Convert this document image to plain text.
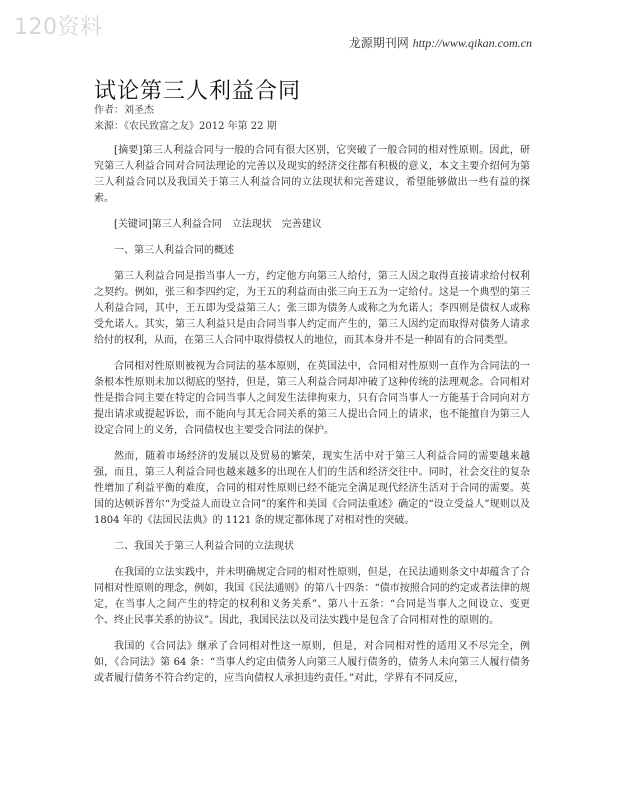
120资料
龙源期刊网 http://www.qikan.com.cn
试论第三人利益合同
作者：刘圣杰
来源：《农民致富之友》2012 年第 22 期

[摘要]第三人利益合同与一般的合同有很大区别，它突破了一般合同的相对性原则。因此，研究第三人利益合同对合同法理论的完善以及现实的经济交往都有积极的意义，本文主要介绍何为第三人利益合同以及我国关于第三人利益合同的立法现状和完善建议，希望能够做出一些有益的探索。

[关键词]第三人利益合同　立法现状　完善建议
一、第三人利益合同的概述

第三人利益合同是指当事人一方，约定他方向第三人给付，第三人因之取得直接请求给付权利之契约。例如，张三和李四约定，为王五的利益而由张三向王五为一定给付。这是一个典型的第三人利益合同，其中，王五即为受益第三人；张三即为债务人或称之为允诺人；李四则是债权人或称受允诺人。其实，第三人利益只是由合同当事人约定而产生的，第三人因约定而取得对债务人请求给付的权利，从而，在第三人合同中取得债权人的地位，而其本身并不是一种固有的合同类型。

合同相对性原则被视为合同法的基本原则，在英国法中，合同相对性原则一直作为合同法的一条根本性原则未加以彻底的坚持，但是，第三人利益合同却冲破了这种传统的法理观念。合同相对性是指合同主要在特定的合同当事人之间发生法律拘束力，只有合同当事人一方能基于合同向对方提出请求或提起诉讼，而不能向与其无合同关系的第三人提出合同上的请求，也不能擅自为第三人设定合同上的义务，合同债权也主要受合同法的保护。

然而，随着市场经济的发展以及贸易的繁荣，现实生活中对于第三人利益合同的需要越来越强，而且，第三人利益合同也越来越多的出现在人们的生活和经济交往中。同时，社会交往的复杂性增加了利益平衡的难度，合同的相对性原则已经不能完全满足现代经济生活对于合同的需要。英国的达顿诉普尔“为受益人而设立合同”的案件和美国《合同法重述》确定的“设立受益人”规则以及 1804 年的《法国民法典》的 1121 条的规定都体现了对相对性的突破。

二、我国关于第三人利益合同的立法现状

在我国的立法实践中，并未明确规定合同的相对性原则，但是，在民法通则条文中却蕴含了合同相对性原则的理念，例如，我国《民法通则》的第八十四条：“债市按照合同的约定或者法律的规定，在当事人之间产生的特定的权利和义务关系”、第八十五条：“合同是当事人之间设立、变更个、终止民事关系的协议”。因此，我国民法以及司法实践中是包含了合同相对性的原则的。

我国的《合同法》继承了合同相对性这一原则，但是，对合同相对性的适用又不尽完全，例如，《合同法》第 64 条：“当事人约定由债务人向第三人履行债务的，债务人未向第三人履行债务或者履行债务不符合约定的，应当向债权人承担违约责任。”对此，学界有不同反应，
